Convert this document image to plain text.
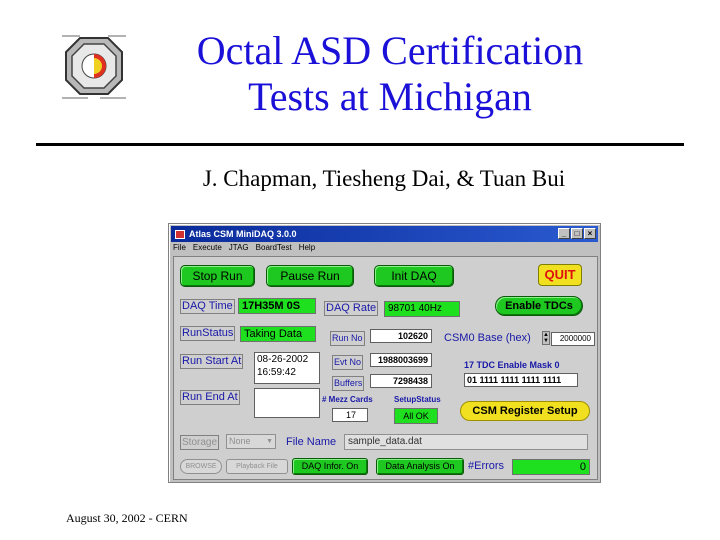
Octal ASD Certification
Tests at Michigan
J. Chapman, Tiesheng Dai, & Tuan Bui
August 30, 2002 - CERN
Atlas CSM MiniDAQ 3.0.0	_	□	×
File Execute JTAG BoardTest Help
Stop Run	Pause Run	Init DAQ	QUIT
DAQ Time 17H35M 0S	DAQ Rate	98701 40Hz	Enable TDCs
RunStatus Taking Data	Run No	102620	CSM0 Base (hex) ▲
▼	2000000
Run Start At 08-26-2002
16:59:42
Evt No	1988003699	17 TDC Enable Mask 0
01 1111 1111 1111 1111
Buffers	7298438
Run End At	# Mezz Cards
17
SetupStatus
All OK	CSM Register Setup
Storage	None ▼ File Name	sample_data.dat
BROWSE	Playback File	DAQ Infor. On	Data Analysis On	#Errors	0
